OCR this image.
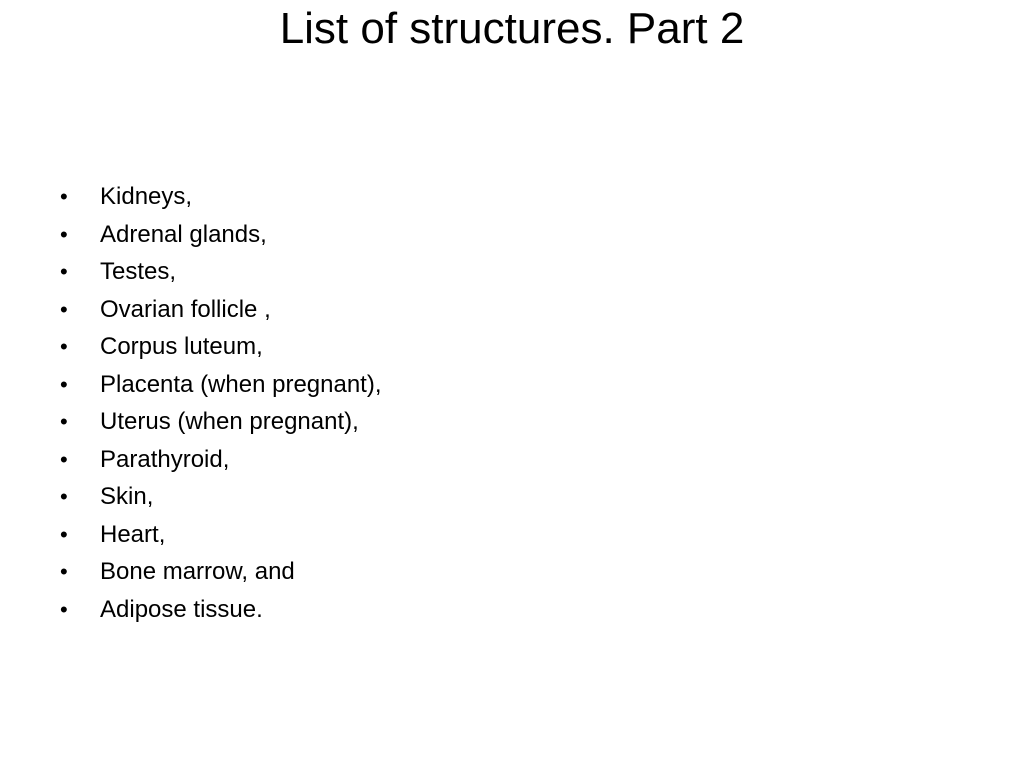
List of structures. Part 2
•	Kidneys,
•	Adrenal glands,
•	Testes,
•	Ovarian follicle ,
•	Corpus luteum,
•	Placenta (when pregnant),
•	Uterus (when pregnant),
•	Parathyroid,
•	Skin,
•	Heart,
•	Bone marrow, and
•	Adipose tissue.
